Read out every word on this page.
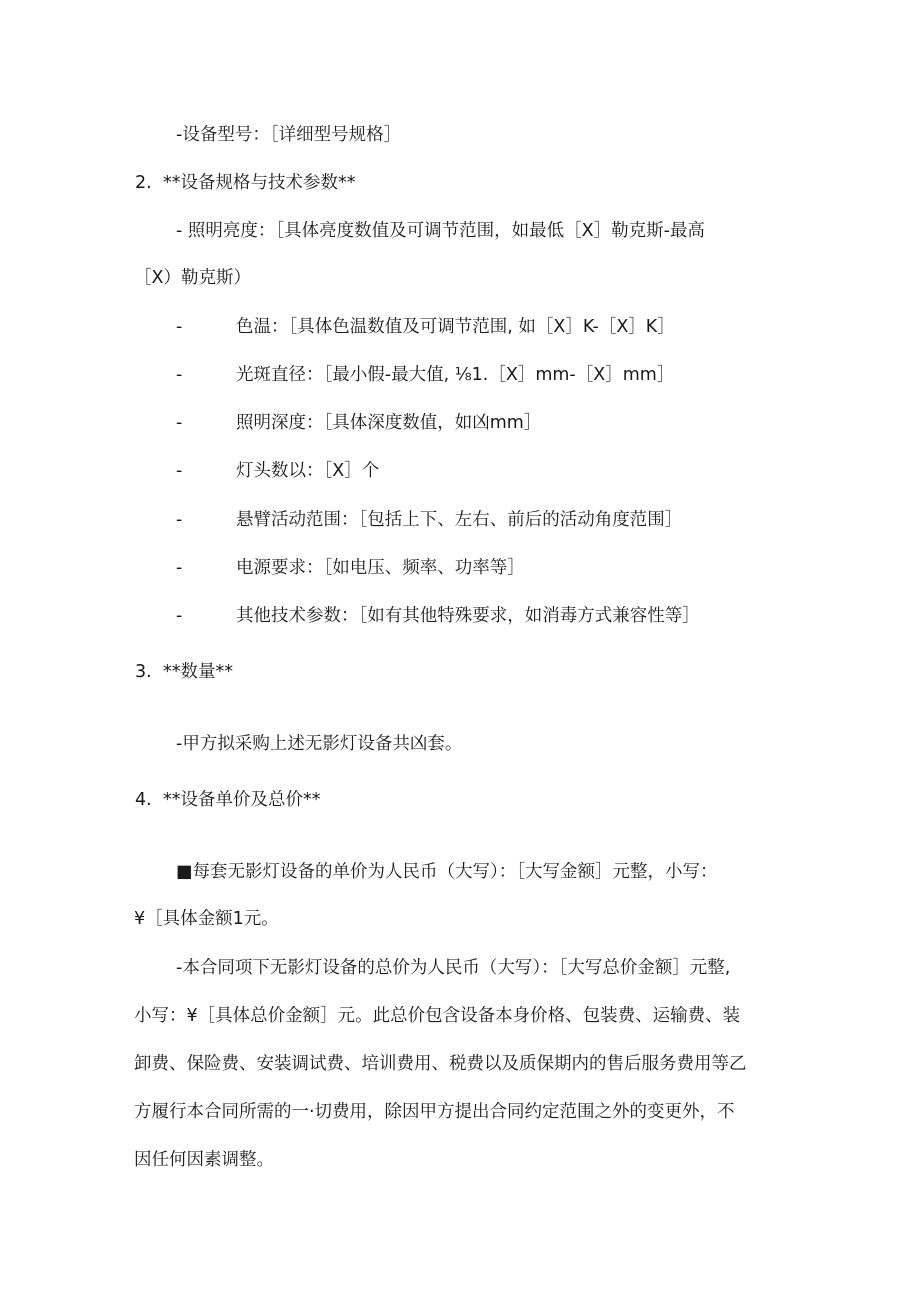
-设备型号：［详细型号规格］
2. **设备规格与技术参数**
- 照明亮度：［具体亮度数值及可调节范围，如最低［X］勒克斯-最高
［X）勒克斯）
-	色温：［具体色温数值及可调节范围, 如［X］K-［X］K］
-	光斑直径：［最小假-最大值, ⅛1.［X］mm-［X］mm］
-	照明深度：［具体深度数值，如凶mm］
-	灯头数以：［X］个
-	悬臂活动范围：［包括上下、左右、前后的活动角度范围］
-	电源要求：［如电压、频率、功率等］
-	其他技术参数：［如有其他特殊要求，如消毒方式兼容性等］
3. **数量**
-甲方拟采购上述无影灯设备共凶套。
4. **设备单价及总价**
■每套无影灯设备的单价为人民币（大写）：［大写金额］元整，小写：
¥［具体金额1元。
-本合同项下无影灯设备的总价为人民币（大写）：［大写总价金额］元整,
小写：¥［具体总价金额］元。此总价包含设备本身价格、包装费、运输费、装
卸费、保险费、安装调试费、培训费用、税费以及质保期内的售后服务费用等乙
方履行本合同所需的一·切费用，除因甲方提出合同约定范围之外的变更外，不
因任何因素调整。
